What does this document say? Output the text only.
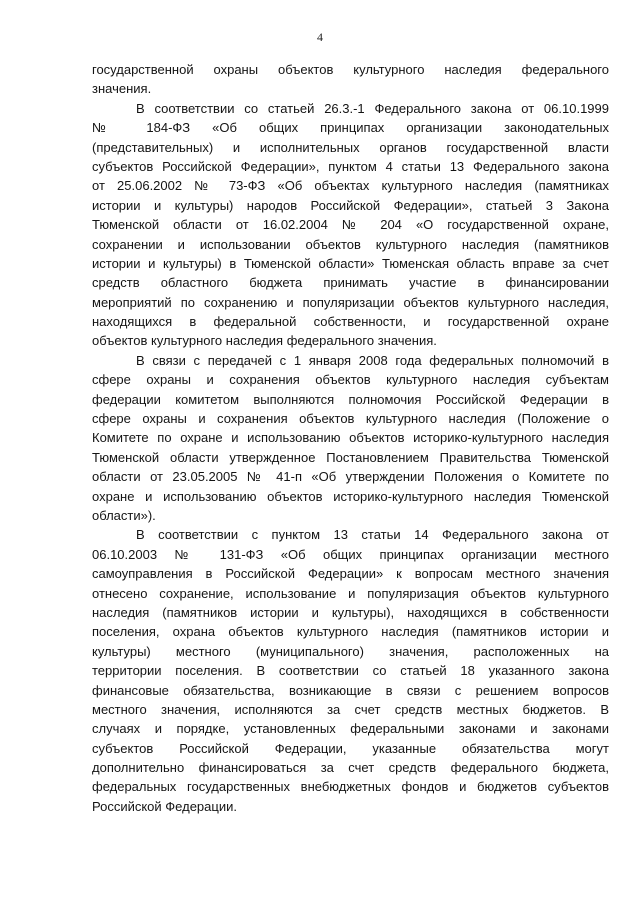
4
государственной охраны объектов культурного наследия федерального
значения.
В соответствии со статьей 26.3.-1 Федерального закона от 06.10.1999
№ 184-ФЗ «Об общих принципах организации законодательных
(представительных) и исполнительных органов государственной власти
субъектов Российской Федерации», пунктом 4 статьи 13 Федерального закона
от 25.06.2002 № 73-ФЗ «Об объектах культурного наследия (памятниках
истории и культуры) народов Российской Федерации», статьей 3 Закона
Тюменской области от 16.02.2004 № 204 «О государственной охране,
сохранении и использовании объектов культурного наследия (памятников
истории и культуры) в Тюменской области» Тюменская область вправе за счет
средств областного бюджета принимать участие в финансировании
мероприятий по сохранению и популяризации объектов культурного наследия,
находящихся в федеральной собственности, и государственной охране
объектов культурного наследия федерального значения.
В связи с передачей с 1 января 2008 года федеральных полномочий в
сфере охраны и сохранения объектов культурного наследия субъектам
федерации комитетом выполняются полномочия Российской Федерации в
сфере охраны и сохранения объектов культурного наследия (Положение о
Комитете по охране и использованию объектов историко-культурного наследия
Тюменской области утвержденное Постановлением Правительства Тюменской
области от 23.05.2005 № 41-п «Об утверждении Положения о Комитете по
охране и использованию объектов историко-культурного наследия Тюменской
области»).
В соответствии с пунктом 13 статьи 14 Федерального закона от
06.10.2003 № 131-ФЗ «Об общих принципах организации местного
самоуправления в Российской Федерации» к вопросам местного значения
отнесено сохранение, использование и популяризация объектов культурного
наследия (памятников истории и культуры), находящихся в собственности
поселения, охрана объектов культурного наследия (памятников истории и
культуры) местного (муниципального) значения, расположенных на
территории поселения. В соответствии со статьей 18 указанного закона
финансовые обязательства, возникающие в связи с решением вопросов
местного значения, исполняются за счет средств местных бюджетов. В
случаях и порядке, установленных федеральными законами и законами
субъектов Российской Федерации, указанные обязательства могут
дополнительно финансироваться за счет средств федерального бюджета,
федеральных государственных внебюджетных фондов и бюджетов субъектов
Российской Федерации.
